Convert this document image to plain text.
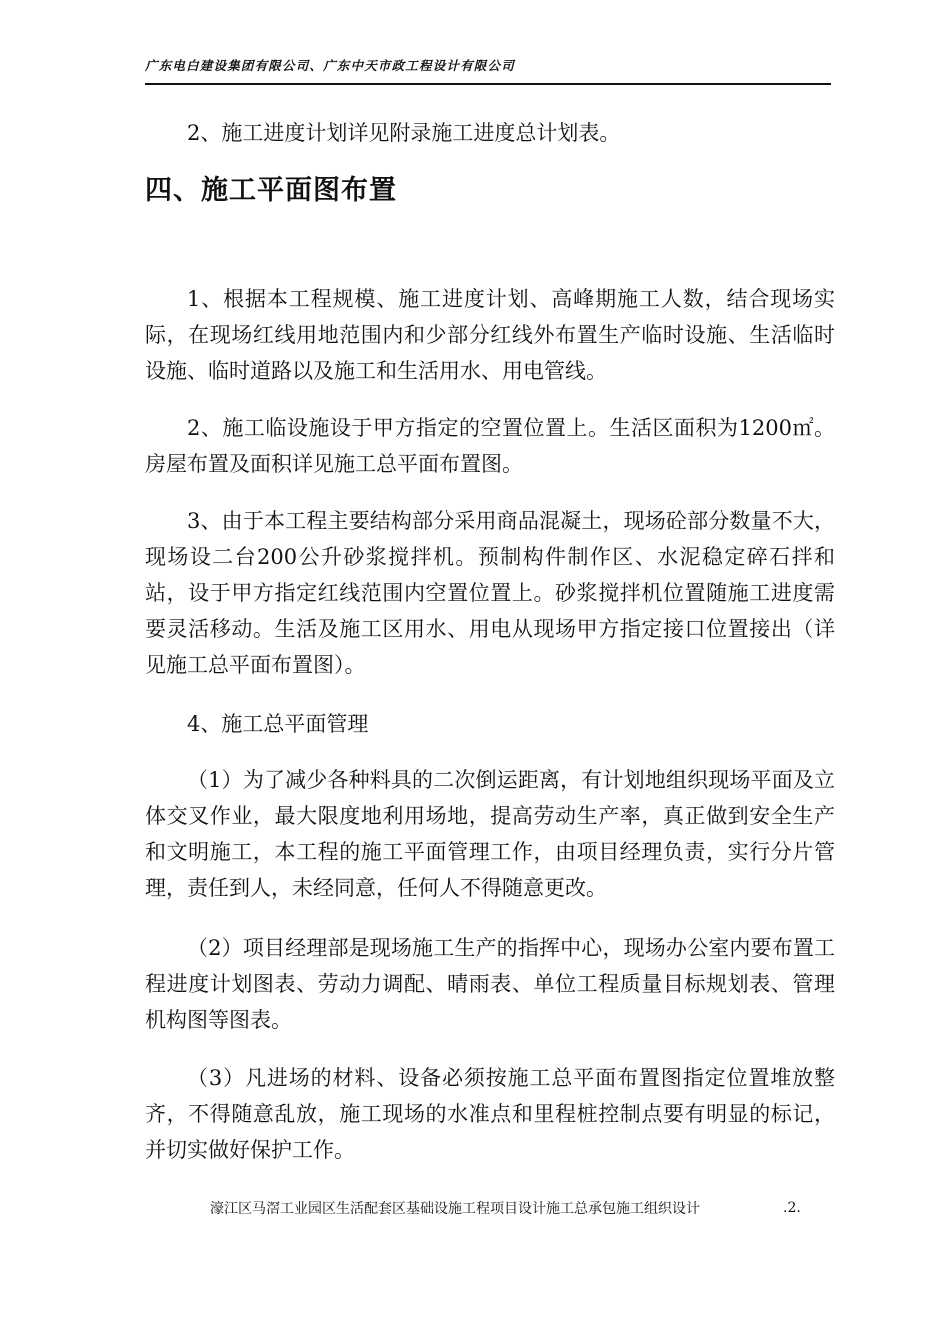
广东电白建设集团有限公司、广东中天市政工程设计有限公司

2、施工进度计划详见附录施工进度总计划表。

四、施工平面图布置

1、根据本工程规模、施工进度计划、高峰期施工人数，结合现场实际，在现场红线用地范围内和少部分红线外布置生产临时设施、生活临时设施、临时道路以及施工和生活用水、用电管线。

2、施工临设施设于甲方指定的空置位置上。生活区面积为1200㎡。房屋布置及面积详见施工总平面布置图。

3、由于本工程主要结构部分采用商品混凝土，现场砼部分数量不大，现场设二台200公升砂浆搅拌机。预制构件制作区、水泥稳定碎石拌和站，设于甲方指定红线范围内空置位置上。砂浆搅拌机位置随施工进度需要灵活移动。生活及施工区用水、用电从现场甲方指定接口位置接出（详见施工总平面布置图）。

4、施工总平面管理

（1）为了减少各种料具的二次倒运距离，有计划地组织现场平面及立体交叉作业，最大限度地利用场地，提高劳动生产率，真正做到安全生产和文明施工，本工程的施工平面管理工作，由项目经理负责，实行分片管理，责任到人，未经同意，任何人不得随意更改。

（2）项目经理部是现场施工生产的指挥中心，现场办公室内要布置工程进度计划图表、劳动力调配、晴雨表、单位工程质量目标规划表、管理机构图等图表。

（3）凡进场的材料、设备必须按施工总平面布置图指定位置堆放整齐，不得随意乱放，施工现场的水准点和里程桩控制点要有明显的标记，并切实做好保护工作。

濠江区马滘工业园区生活配套区基础设施工程项目设计施工总承包施工组织设计	.2.
